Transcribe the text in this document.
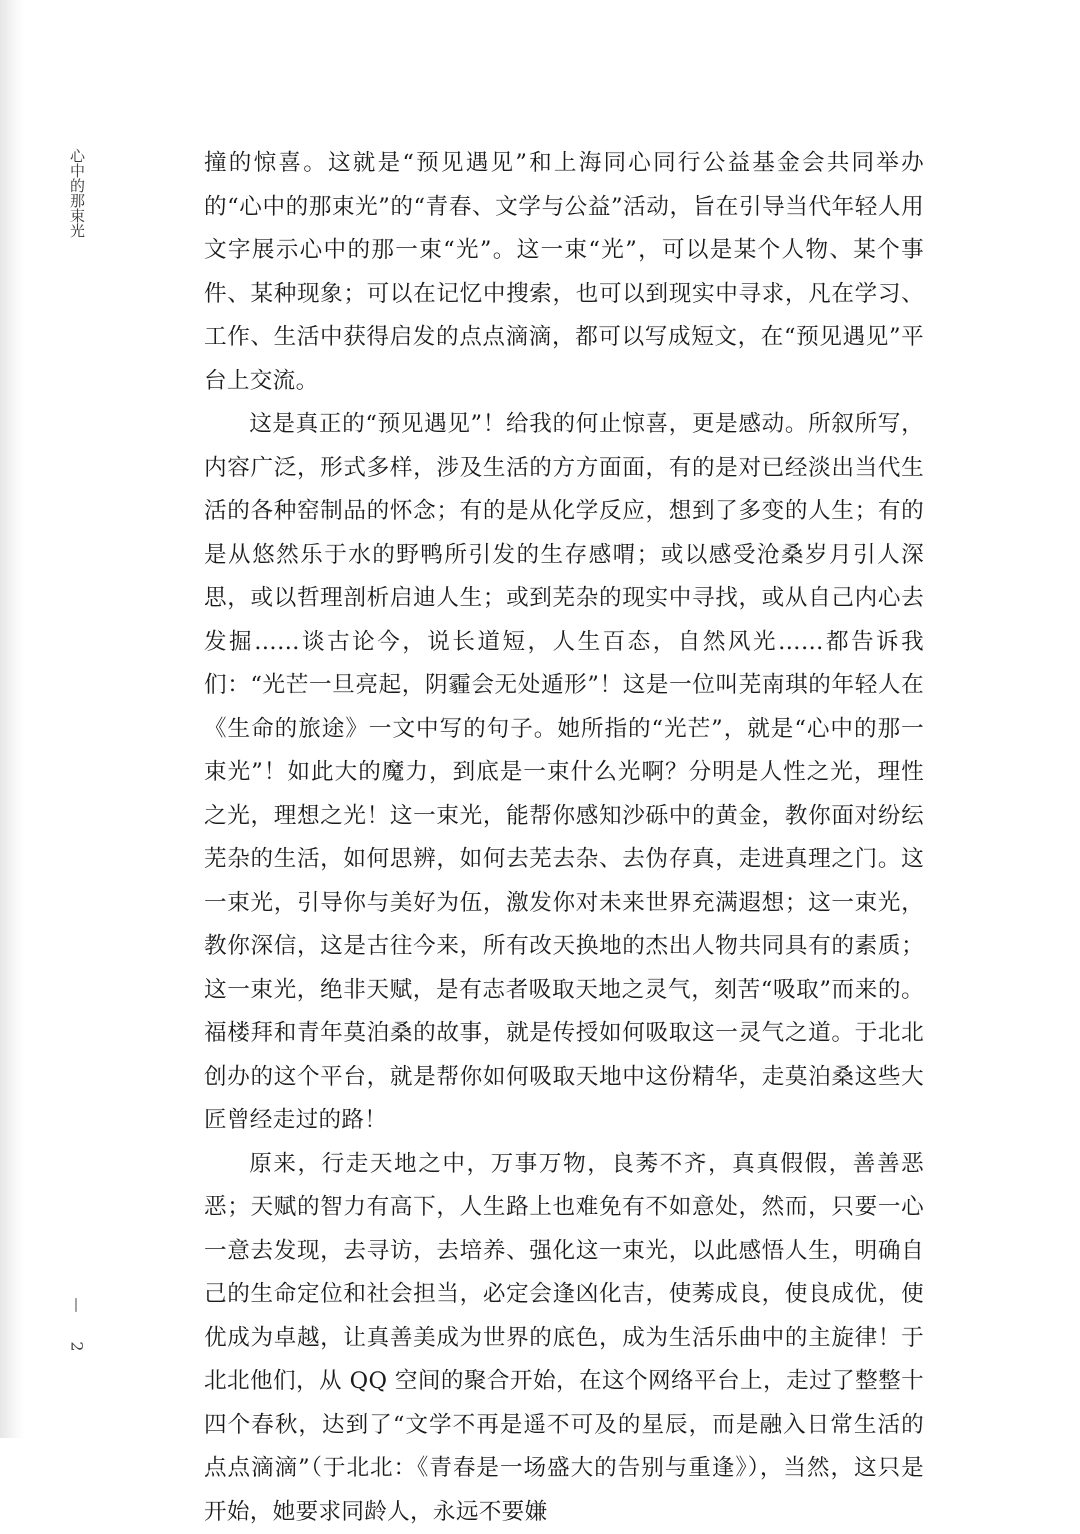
心中的那束光
—
2

撞的惊喜。这就是“预见遇见”和上海同心同行公益基金会共同举办的“心中的那束光”的“青春、文学与公益”活动，旨在引导当代年轻人用文字展示心中的那一束“光”。这一束“光”，可以是某个人物、某个事件、某种现象；可以在记忆中搜索，也可以到现实中寻求，凡在学习、工作、生活中获得启发的点点滴滴，都可以写成短文，在“预见遇见”平台上交流。

这是真正的“预见遇见”！给我的何止惊喜，更是感动。所叙所写，内容广泛，形式多样，涉及生活的方方面面，有的是对已经淡出当代生活的各种窑制品的怀念；有的是从化学反应，想到了多变的人生；有的是从悠然乐于水的野鸭所引发的生存感喟；或以感受沧桑岁月引人深思，或以哲理剖析启迪人生；或到芜杂的现实中寻找，或从自己内心去发掘……谈古论今，说长道短，人生百态，自然风光……都告诉我们：“光芒一旦亮起，阴霾会无处遁形”！这是一位叫芜南琪的年轻人在《生命的旅途》一文中写的句子。她所指的“光芒”，就是“心中的那一束光”！如此大的魔力，到底是一束什么光啊？分明是人性之光，理性之光，理想之光！这一束光，能帮你感知沙砾中的黄金，教你面对纷纭芜杂的生活，如何思辨，如何去芜去杂、去伪存真，走进真理之门。这一束光，引导你与美好为伍，激发你对未来世界充满遐想；这一束光，教你深信，这是古往今来，所有改天换地的杰出人物共同具有的素质；这一束光，绝非天赋，是有志者吸取天地之灵气，刻苦“吸取”而来的。福楼拜和青年莫泊桑的故事，就是传授如何吸取这一灵气之道。于北北创办的这个平台，就是帮你如何吸取天地中这份精华，走莫泊桑这些大匠曾经走过的路！

原来，行走天地之中，万事万物，良莠不齐，真真假假，善善恶恶；天赋的智力有高下，人生路上也难免有不如意处，然而，只要一心一意去发现，去寻访，去培养、强化这一束光，以此感悟人生，明确自己的生命定位和社会担当，必定会逢凶化吉，使莠成良，使良成优，使优成为卓越，让真善美成为世界的底色，成为生活乐曲中的主旋律！于北北他们，从 QQ 空间的聚合开始，在这个网络平台上，走过了整整十四个春秋，达到了“文学不再是遥不可及的星辰，而是融入日常生活的点点滴滴”（于北北：《青春是一场盛大的告别与重逢》），当然，这只是开始，她要求同龄人，永远不要嫌
